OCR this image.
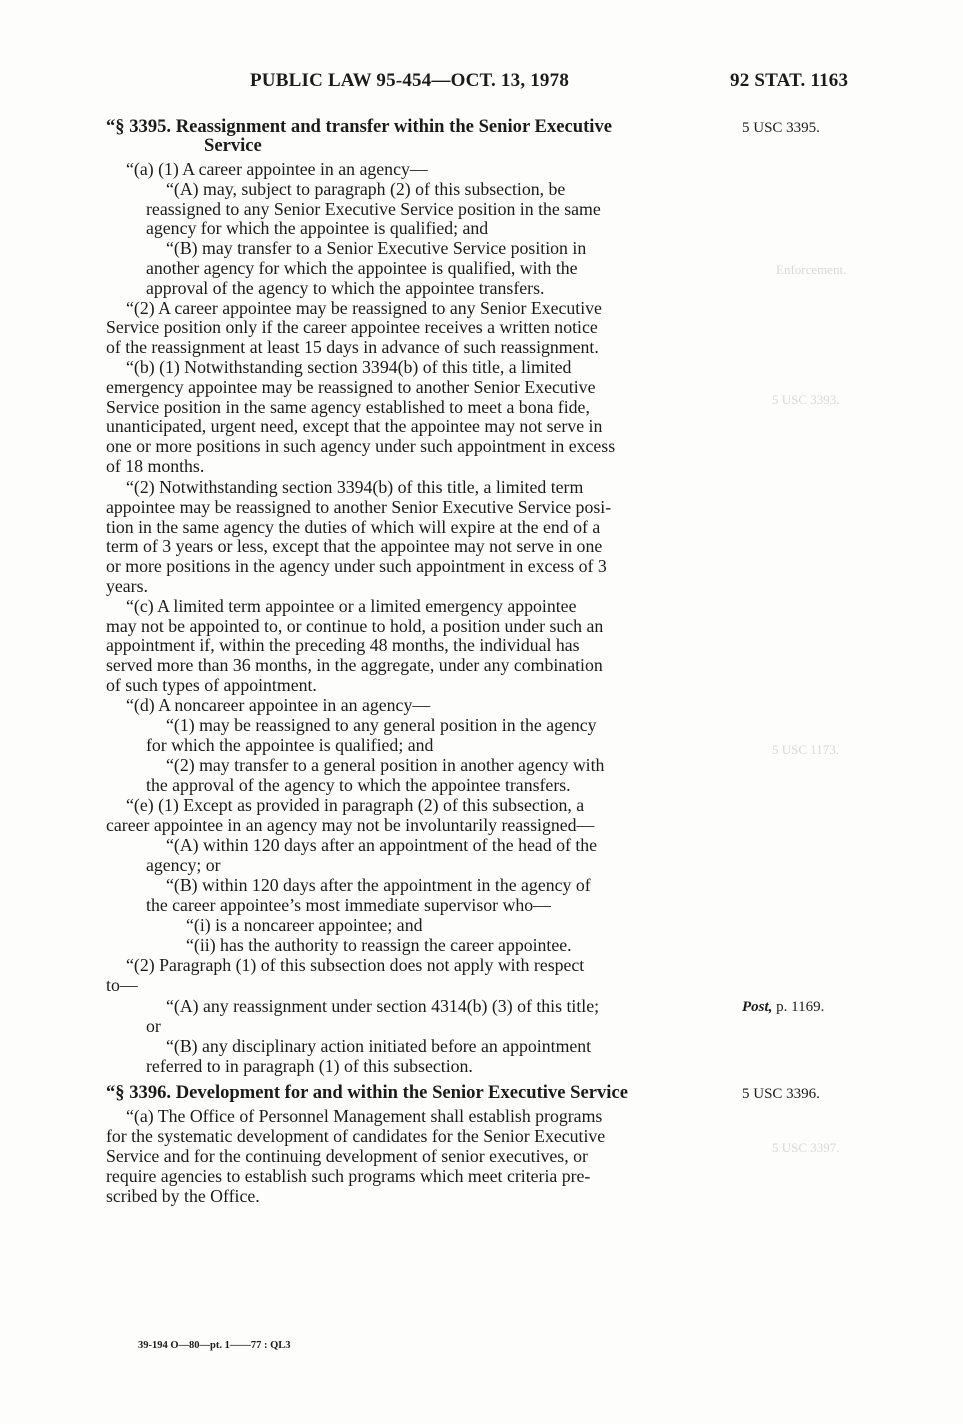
Enforcement.
5 USC 3393.
5 USC 1173.
5 USC 3397.
PUBLIC LAW 95-454—OCT. 13, 1978	92 STAT. 1163
5 USC 3395.
Post, p. 1169.
5 USC 3396.
“§ 3395. Reassignment and transfer within the Senior Executive
Service
“(a) (1) A career appointee in an agency—
“(A) may, subject to paragraph (2) of this subsection, be
reassigned to any Senior Executive Service position in the same
agency for which the appointee is qualified; and
“(B) may transfer to a Senior Executive Service position in
another agency for which the appointee is qualified, with the
approval of the agency to which the appointee transfers.
“(2) A career appointee may be reassigned to any Senior Executive
Service position only if the career appointee receives a written notice
of the reassignment at least 15 days in advance of such reassignment.
“(b) (1) Notwithstanding section 3394(b) of this title, a limited
emergency appointee may be reassigned to another Senior Executive
Service position in the same agency established to meet a bona fide,
unanticipated, urgent need, except that the appointee may not serve in
one or more positions in such agency under such appointment in excess
of 18 months.
“(2) Notwithstanding section 3394(b) of this title, a limited term
appointee may be reassigned to another Senior Executive Service posi-
tion in the same agency the duties of which will expire at the end of a
term of 3 years or less, except that the appointee may not serve in one
or more positions in the agency under such appointment in excess of 3
years.
“(c) A limited term appointee or a limited emergency appointee
may not be appointed to, or continue to hold, a position under such an
appointment if, within the preceding 48 months, the individual has
served more than 36 months, in the aggregate, under any combination
of such types of appointment.
“(d) A noncareer appointee in an agency—
“(1) may be reassigned to any general position in the agency
for which the appointee is qualified; and
“(2) may transfer to a general position in another agency with
the approval of the agency to which the appointee transfers.
“(e) (1) Except as provided in paragraph (2) of this subsection, a
career appointee in an agency may not be involuntarily reassigned—
“(A) within 120 days after an appointment of the head of the
agency; or
“(B) within 120 days after the appointment in the agency of
the career appointee’s most immediate supervisor who—
“(i) is a noncareer appointee; and
“(ii) has the authority to reassign the career appointee.
“(2) Paragraph (1) of this subsection does not apply with respect
to—
“(A) any reassignment under section 4314(b) (3) of this title;
or
“(B) any disciplinary action initiated before an appointment
referred to in paragraph (1) of this subsection.
“§ 3396. Development for and within the Senior Executive Service
“(a) The Office of Personnel Management shall establish programs
for the systematic development of candidates for the Senior Executive
Service and for the continuing development of senior executives, or
require agencies to establish such programs which meet criteria pre-
scribed by the Office.
39-194 O—80—pt. 1——77 : QL3
